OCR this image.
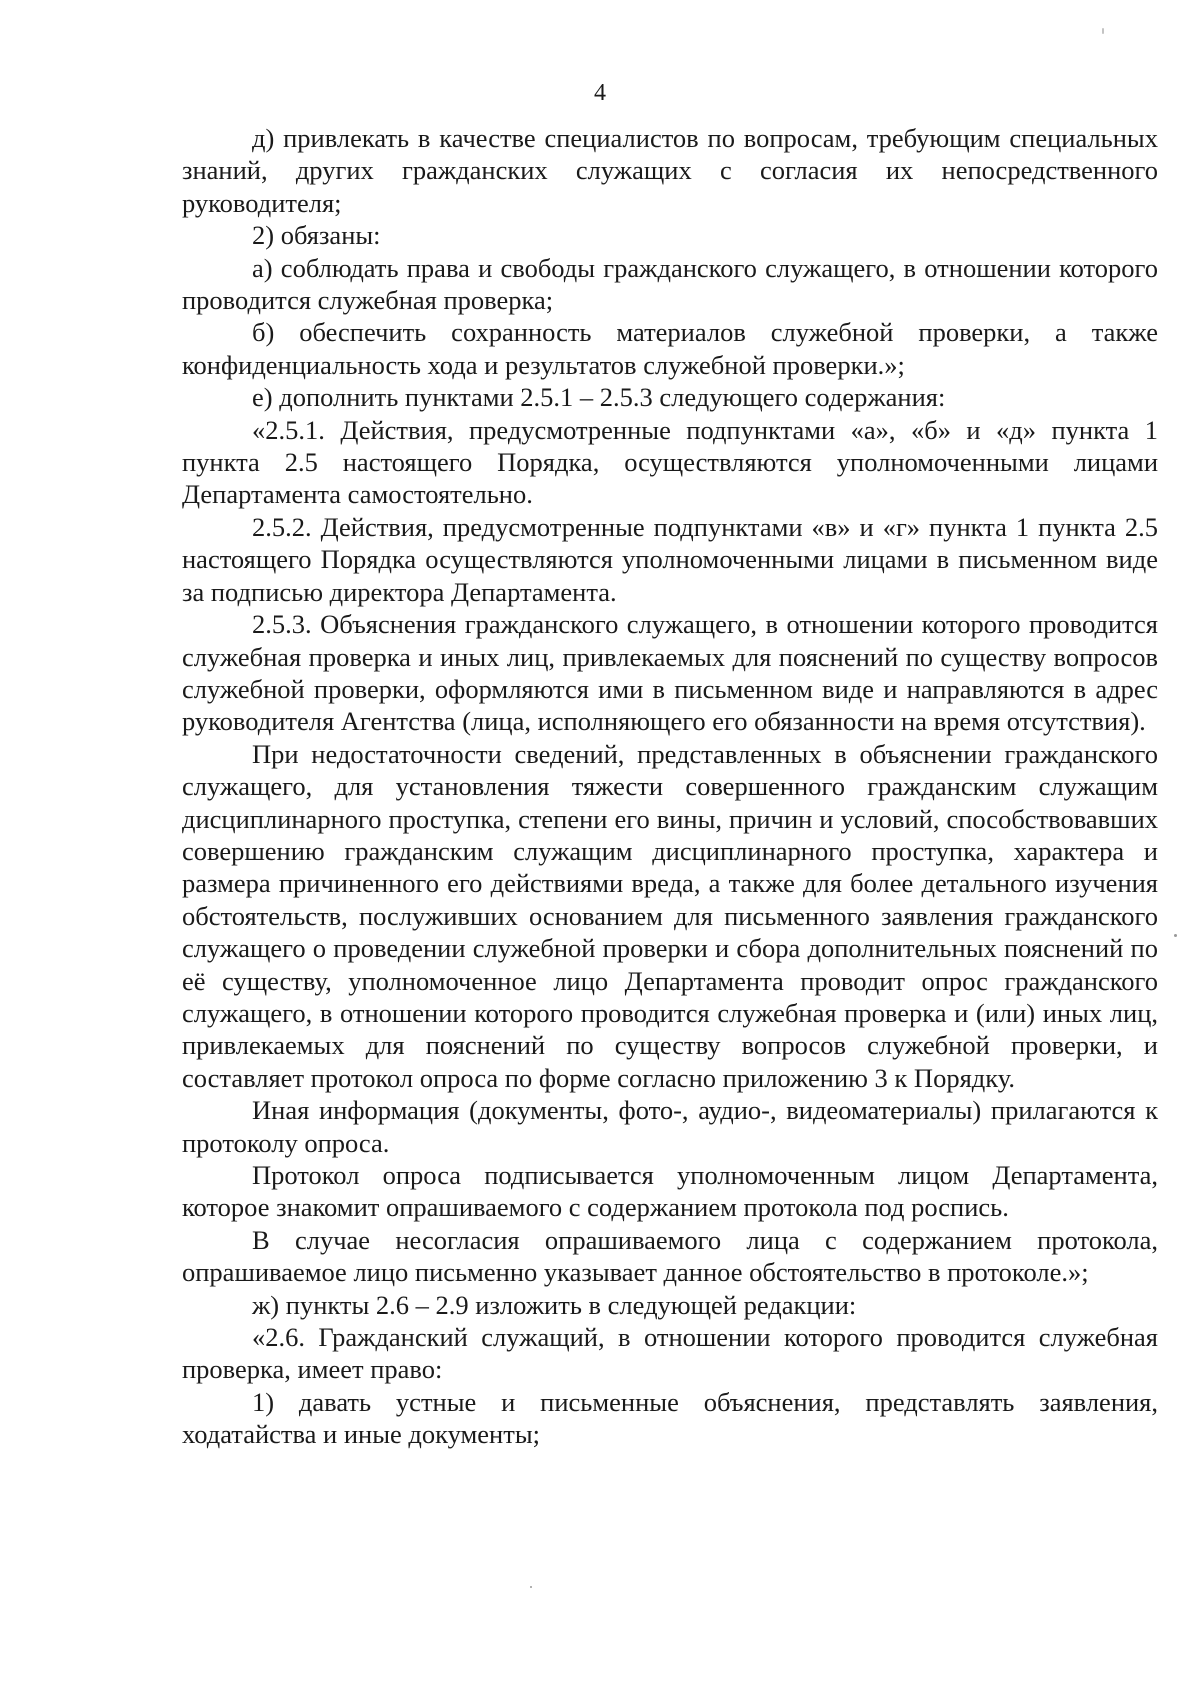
4

д) привлекать в качестве специалистов по вопросам, требующим специальных знаний, других гражданских служащих с согласия их непосредственного руководителя;

2) обязаны:

а) соблюдать права и свободы гражданского служащего, в отношении которого проводится служебная проверка;

б) обеспечить сохранность материалов служебной проверки, а также конфиденциальность хода и результатов служебной проверки.»;

е) дополнить пунктами 2.5.1 – 2.5.3 следующего содержания:

«2.5.1. Действия, предусмотренные подпунктами «а», «б» и «д» пункта 1 пункта 2.5 настоящего Порядка, осуществляются уполномоченными лицами Департамента самостоятельно.

2.5.2. Действия, предусмотренные подпунктами «в» и «г» пункта 1 пункта 2.5 настоящего Порядка осуществляются уполномоченными лицами в письменном виде за подписью директора Департамента.

2.5.3. Объяснения гражданского служащего, в отношении которого проводится служебная проверка и иных лиц, привлекаемых для пояснений по существу вопросов служебной проверки, оформляются ими в письменном виде и направляются в адрес руководителя Агентства (лица, исполняющего его обязанности на время отсутствия).

При недостаточности сведений, представленных в объяснении гражданского служащего, для установления тяжести совершенного гражданским служащим дисциплинарного проступка, степени его вины, причин и условий, способствовавших совершению гражданским служащим дисциплинарного проступка, характера и размера причиненного его действиями вреда, а также для более детального изучения обстоятельств, послуживших основанием для письменного заявления гражданского служащего о проведении служебной проверки и сбора дополнительных пояснений по её существу, уполномоченное лицо Департамента проводит опрос гражданского служащего, в отношении которого проводится служебная проверка и (или) иных лиц, привлекаемых для пояснений по существу вопросов служебной проверки, и составляет протокол опроса по форме согласно приложению 3 к Порядку.

Иная информация (документы, фото-, аудио-, видеоматериалы) прилагаются к протоколу опроса.

Протокол опроса подписывается уполномоченным лицом Департамента, которое знакомит опрашиваемого с содержанием протокола под роспись.

В случае несогласия опрашиваемого лица с содержанием протокола, опрашиваемое лицо письменно указывает данное обстоятельство в протоколе.»;

ж) пункты 2.6 – 2.9 изложить в следующей редакции:

«2.6. Гражданский служащий, в отношении которого проводится служебная проверка, имеет право:

1) давать устные и письменные объяснения, представлять заявления, ходатайства и иные документы;
